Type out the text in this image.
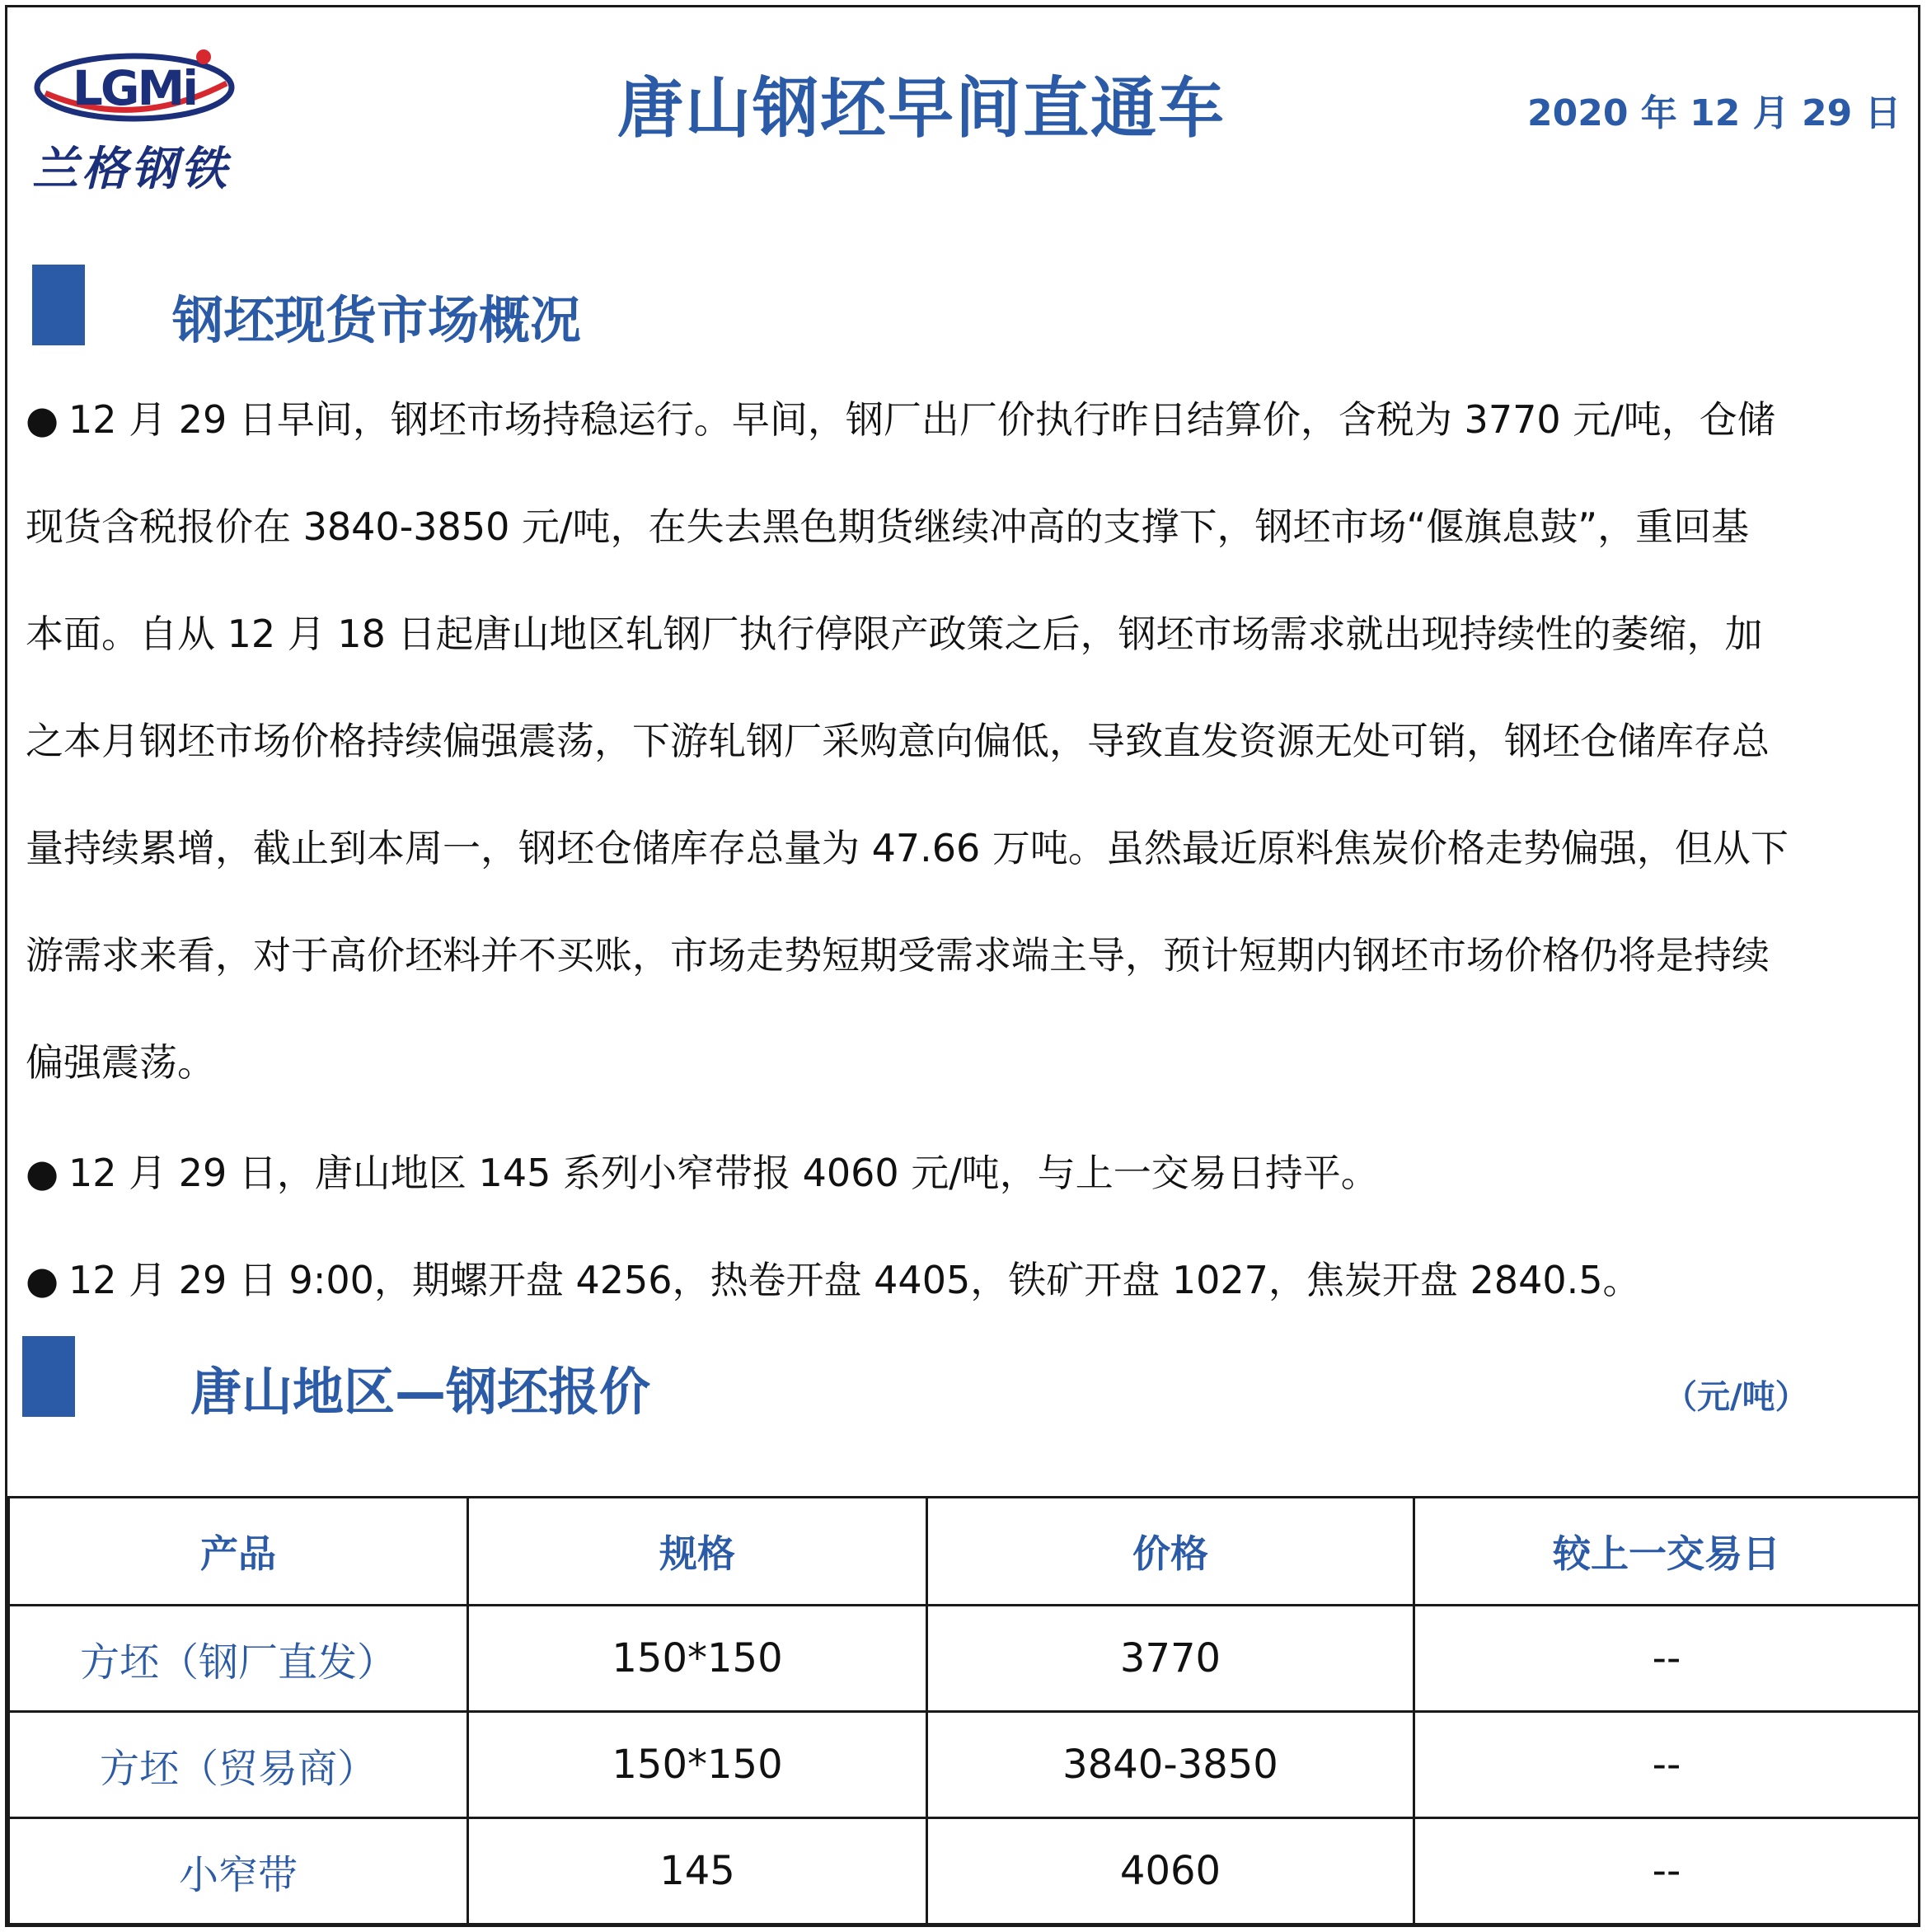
LGMi
兰格钢铁
唐山钢坯早间直通车	2020 年 12 月 29 日
钢坯现货市场概况

● 12 月 29 日早间，钢坯市场持稳运行。早间，钢厂出厂价执行昨日结算价，含税为 3770 元/吨，仓储

现货含税报价在 3840-3850 元/吨，在失去黑色期货继续冲高的支撑下，钢坯市场“偃旗息鼓”，重回基

本面。自从 12 月 18 日起唐山地区轧钢厂执行停限产政策之后，钢坯市场需求就出现持续性的萎缩，加

之本月钢坯市场价格持续偏强震荡，下游轧钢厂采购意向偏低，导致直发资源无处可销，钢坯仓储库存总

量持续累增，截止到本周一，钢坯仓储库存总量为 47.66 万吨。虽然最近原料焦炭价格走势偏强，但从下

游需求来看，对于高价坯料并不买账，市场走势短期受需求端主导，预计短期内钢坯市场价格仍将是持续

偏强震荡。

● 12 月 29 日，唐山地区 145 系列小窄带报 4060 元/吨，与上一交易日持平。
● 12 月 29 日 9:00，期螺开盘 4256，热卷开盘 4405，铁矿开盘 1027，焦炭开盘 2840.5。
唐山地区—钢坯报价	（元/吨）
产品	规格	价格	较上一交易日
方坯（钢厂直发）	150*150	3770	--
方坯（贸易商）	150*150	3840-3850	--
小窄带	145	4060	--
